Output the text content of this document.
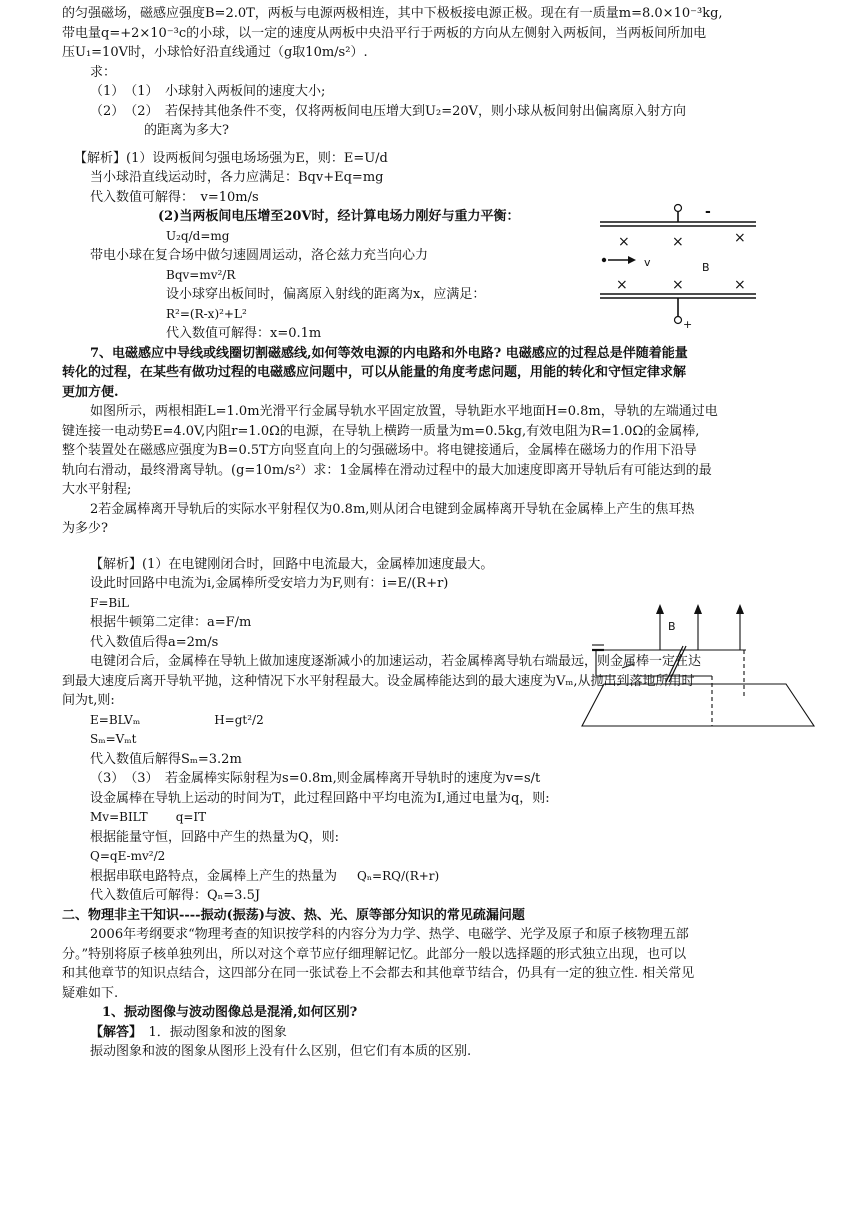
的匀强磁场，磁感应强度B=2.0T，两板与电源两极相连，其中下极板接电源正极。现在有一质量m=8.0×10⁻³kg,

带电量q=+2×10⁻³c的小球，以一定的速度从两板中央沿平行于两板的方向从左侧射入两板间，当两板间所加电

压U₁=10V时，小球恰好沿直线通过（g取10m/s²）.

求：

（1）　（1）　小球射入两板间的速度大小;

（2）　（2）　若保持其他条件不变，仅将两板间电压增大到U₂=20V，则小球从板间射出偏离原入射方向

的距离为多大?

【解析】(1）设两板间匀强电场场强为E，则：E=U/d

当小球沿直线运动时，各力应满足：Bqv+Eq=mg

代入数值可解得：　v=10m/s

(2)当两板间电压增至20V时，经计算电场力刚好与重力平衡：

U₂q/d=mg

带电小球在复合场中做匀速圆周运动，洛仑兹力充当向心力

Bqv=mv²/R

设小球穿出板间时，偏离原入射线的距离为x，应满足：

R²=(R-x)²+L²

代入数值可解得：x=0.1m

7、电磁感应中导线或线圈切割磁感线,如何等效电源的内电路和外电路? 电磁感应的过程总是伴随着能量

转化的过程，在某些有做功过程的电磁感应问题中，可以从能量的角度考虑问题，用能的转化和守恒定律求解

更加方便.

如图所示，两根相距L=1.0m光滑平行金属导轨水平固定放置，导轨距水平地面H=0.8m，导轨的左端通过电

键连接一电动势E=4.0V,内阻r=1.0Ω的电源，在导轨上横跨一质量为m=0.5kg,有效电阻为R=1.0Ω的金属棒,

整个装置处在磁感应强度为B=0.5T方向竖直向上的匀强磁场中。将电键接通后，金属棒在磁场力的作用下沿导

轨向右滑动，最终滑离导轨。(g=10m/s²）求：1金属棒在滑动过程中的最大加速度即离开导轨后有可能达到的最

大水平射程;

2若金属棒离开导轨后的实际水平射程仅为0.8m,则从闭合电键到金属棒离开导轨在金属棒上产生的焦耳热

为多少?

【解析】(1）在电键刚闭合时，回路中电流最大，金属棒加速度最大。

设此时回路中电流为i,金属棒所受安培力为F,则有：i=E/(R+r)

F=BiL

根据牛顿第二定律：a=F/m

代入数值后得a=2m/s

电键闭合后，金属棒在导轨上做加速度逐渐减小的加速运动，若金属棒离导轨右端最远，则金属棒一定在达

到最大速度后离开导轨平抛，这种情况下水平射程最大。设金属棒能达到的最大速度为Vₘ,从抛出到落地所用时

间为t,则:

E=BLVₘ	H=gt²/2

Sₘ=Vₘt

代入数值后解得Sₘ=3.2m

（3）　（3）　若金属棒实际射程为s=0.8m,则金属棒离开导轨时的速度为v=s/t

设金属棒在导轨上运动的时间为T，此过程回路中平均电流为I,通过电量为q，则:

Mv=BILT q=IT

根据能量守恒，回路中产生的热量为Q，则:

Q=qE-mv²/2

根据串联电路特点，金属棒上产生的热量为 Qₙ=RQ/(R+r)

代入数值后可解得：Qₙ=3.5J

二、物理非主干知识----振动(振荡)与波、热、光、原等部分知识的常见疏漏问题

2006年考纲要求“物理考查的知识按学科的内容分为力学、热学、电磁学、光学及原子和原子核物理五部

分。”特别将原子核单独列出，所以对这个章节应仔细理解记忆。此部分一般以选择题的形式独立出现，也可以

和其他章节的知识点结合，这四部分在同一张试卷上不会都去和其他章节结合，仍具有一定的独立性. 相关常见

疑难如下.

1、振动图像与波动图像总是混淆,如何区别?

【解答】　 1．振动图象和波的图象

振动图象和波的图象从图形上没有什么区别，但它们有本质的区别.

-
+
×	×	×
×	×	×
v	B
B
